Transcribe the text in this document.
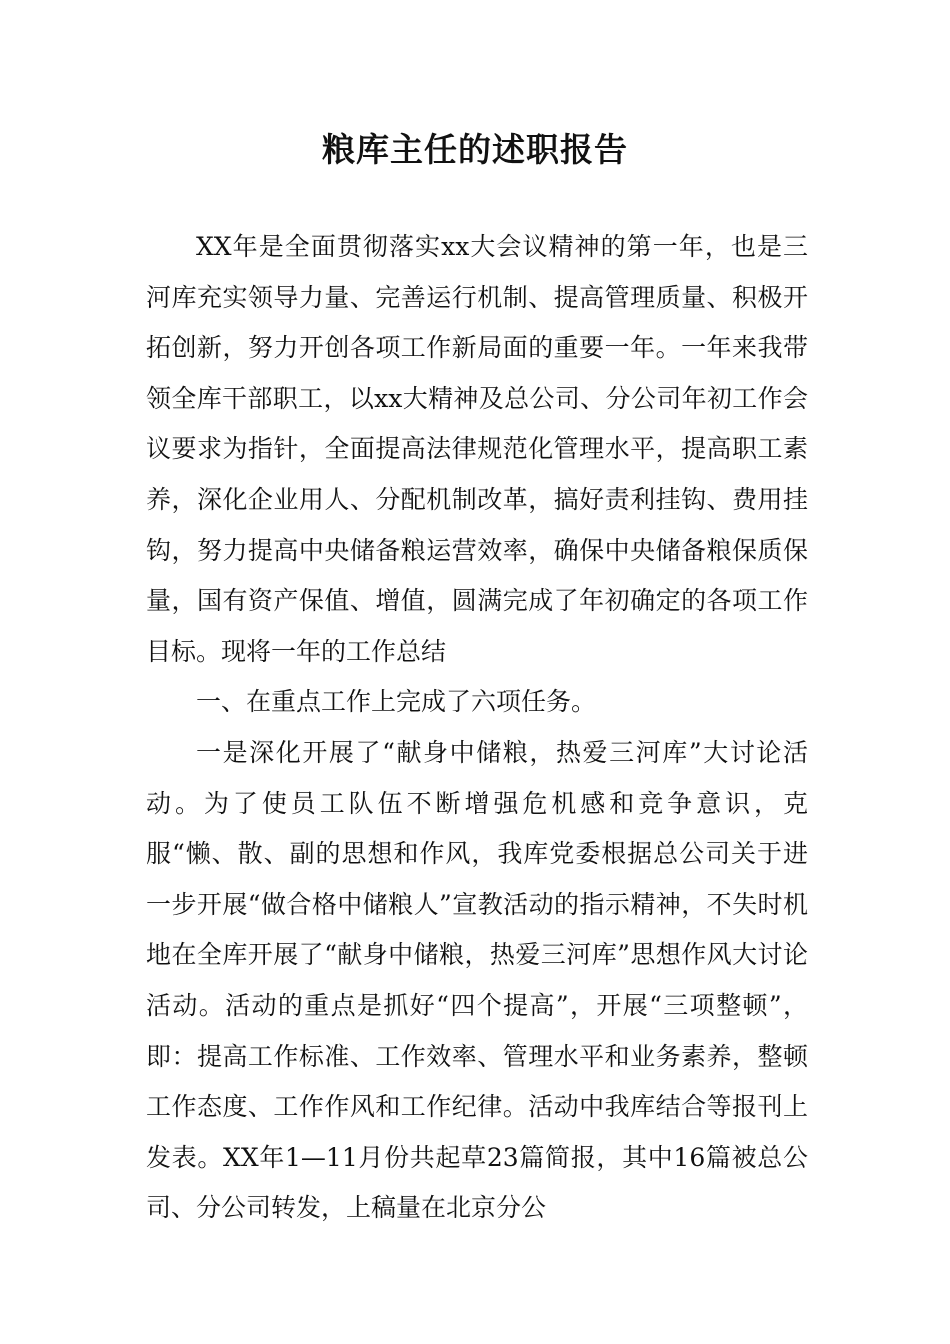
粮库主任的述职报告

XX年是全面贯彻落实xx大会议精神的第一年，也是三河库充实领导力量、完善运行机制、提高管理质量、积极开拓创新，努力开创各项工作新局面的重要一年。一年来我带领全库干部职工，以xx大精神及总公司、分公司年初工作会议要求为指针，全面提高法律规范化管理水平，提高职工素养，深化企业用人、分配机制改革，搞好责利挂钩、费用挂钩，努力提高中央储备粮运营效率，确保中央储备粮保质保量，国有资产保值、增值，圆满完成了年初确定的各项工作目标。现将一年的工作总结

一、在重点工作上完成了六项任务。

一是深化开展了“献身中储粮，热爱三河库”大讨论活动。为了使员工队伍不断增强危机感和竞争意识，克服“懒、散、副的思想和作风，我库党委根据总公司关于进一步开展“做合格中储粮人”宣教活动的指示精神，不失时机地在全库开展了“献身中储粮，热爱三河库”思想作风大讨论活动。活动的重点是抓好“四个提高”，开展“三项整顿”，即：提高工作标准、工作效率、管理水平和业务素养，整顿工作态度、工作作风和工作纪律。活动中我库结合等报刊上发表。XX年1—11月份共起草23篇简报，其中16篇被总公司、分公司转发，上稿量在北京分公
